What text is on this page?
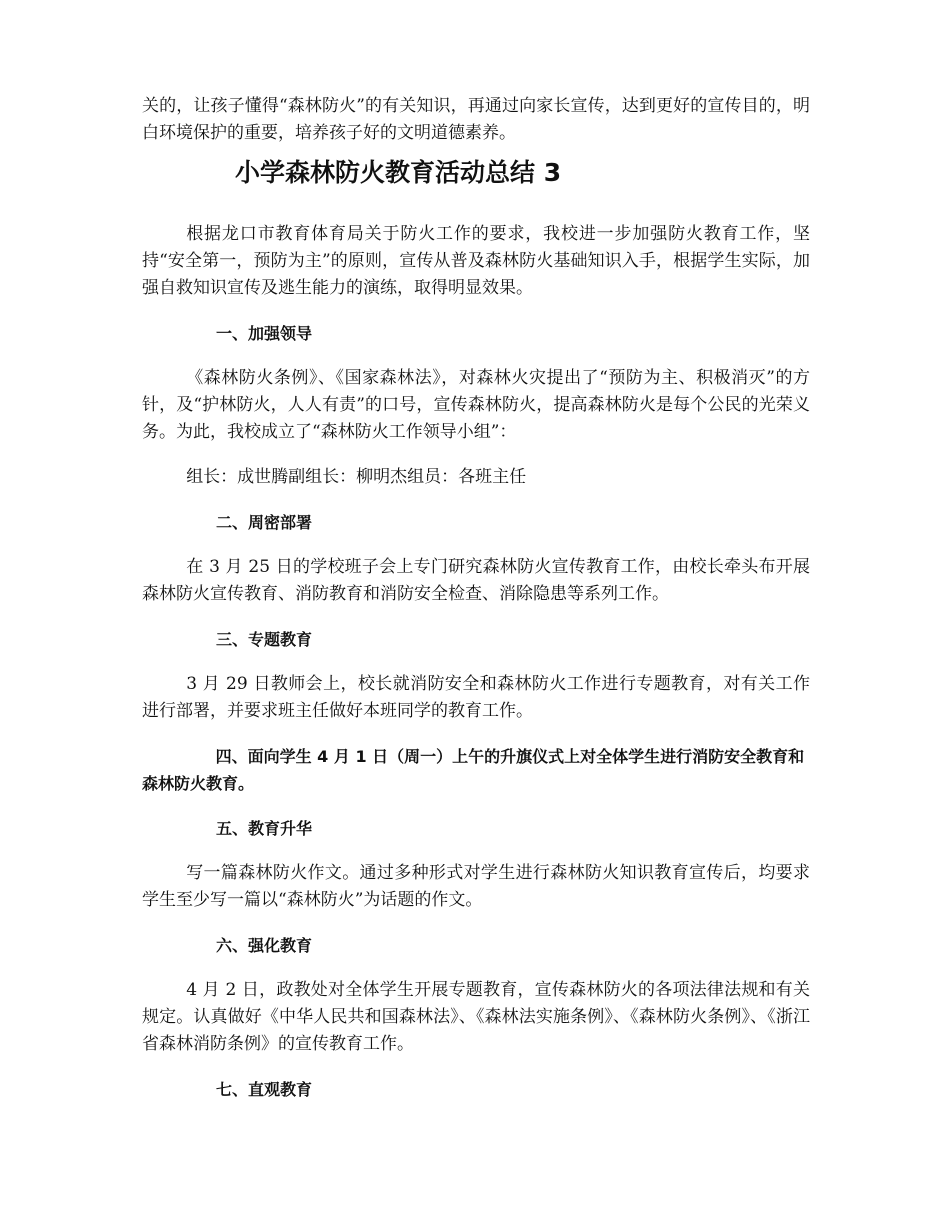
关的，让孩子懂得“森林防火”的有关知识，再通过向家长宣传，达到更好的宣传目的，明白环境保护的重要，培养孩子好的文明道德素养。

小学森林防火教育活动总结 3

根据龙口市教育体育局关于防火工作的要求，我校进一步加强防火教育工作，坚持“安全第一，预防为主”的原则，宣传从普及森林防火基础知识入手，根据学生实际，加强自救知识宣传及逃生能力的演练，取得明显效果。

一、加强领导

《森林防火条例》、《国家森林法》，对森林火灾提出了“预防为主、积极消灭”的方针，及“护林防火，人人有责”的口号，宣传森林防火，提高森林防火是每个公民的光荣义务。为此，我校成立了“森林防火工作领导小组”：

组长：成世腾副组长：柳明杰组员：各班主任

二、周密部署

在 3 月 25 日的学校班子会上专门研究森林防火宣传教育工作，由校长牵头布开展森林防火宣传教育、消防教育和消防安全检查、消除隐患等系列工作。

三、专题教育

3 月 29 日教师会上，校长就消防安全和森林防火工作进行专题教育，对有关工作进行部署，并要求班主任做好本班同学的教育工作。

四、面向学生 4 月 1 日（周一）上午的升旗仪式上对全体学生进行消防安全教育和森林防火教育。

五、教育升华

写一篇森林防火作文。通过多种形式对学生进行森林防火知识教育宣传后，均要求学生至少写一篇以“森林防火”为话题的作文。

六、强化教育

4 月 2 日，政教处对全体学生开展专题教育，宣传森林防火的各项法律法规和有关规定。认真做好《中华人民共和国森林法》、《森林法实施条例》、《森林防火条例》、《浙江省森林消防条例》的宣传教育工作。

七、直观教育
